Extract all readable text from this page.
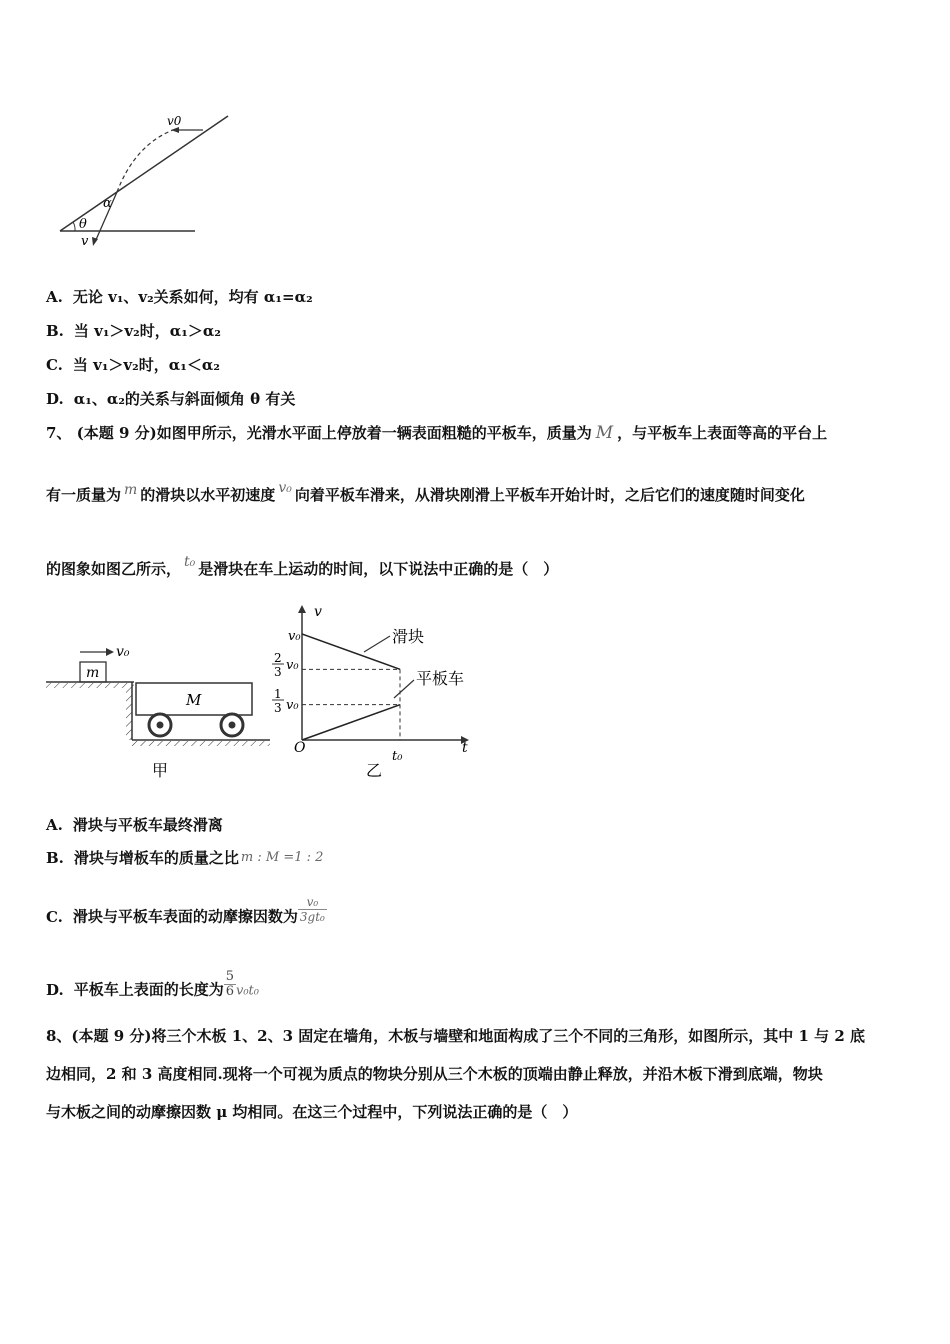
v0
α
θ
v
A. 无论 v₁、v₂关系如何，均有 α₁=α₂
B. 当 v₁＞v₂时，α₁＞α₂
C. 当 v₁＞v₂时，α₁＜α₂
D. α₁、α₂的关系与斜面倾角 θ 有关
7、 (本题 9 分)如图甲所示，光滑水平面上停放着一辆表面粗糙的平板车，质量为 M ，与平板车上表面等高的平台上
有一质量为 m 的滑块以水平初速度 v₀ 向着平板车滑来，从滑块刚滑上平板车开始计时，之后它们的速度随时间变化
的图象如图乙所示， t₀ 是滑块在车上运动的时间，以下说法中正确的是（　）
v₀
m
M
甲
v
t
O
v₀
2
3 v₀
1
3 v₀
t₀
乙
滑块
平板车
A. 滑块与平板车最终滑离
B. 滑块与增板车的质量之比 m : M =1 : 2
C. 滑块与平板车表面的动摩擦因数为 $\frac{\text{v₀}}{\text{3gt₀}}$
D. 平板车上表面的长度为 $\frac{5}{6} v_0t_0$
8、(本题 9 分)将三个木板 1、2、3 固定在墙角，木板与墙壁和地面构成了三个不同的三角形，如图所示，其中 1 与 2 底
边相同，2 和 3 高度相同.现将一个可视为质点的物块分别从三个木板的顶端由静止释放，并沿木板下滑到底端，物块
与木板之间的动摩擦因数 μ 均相同。在这三个过程中，下列说法正确的是（　）
